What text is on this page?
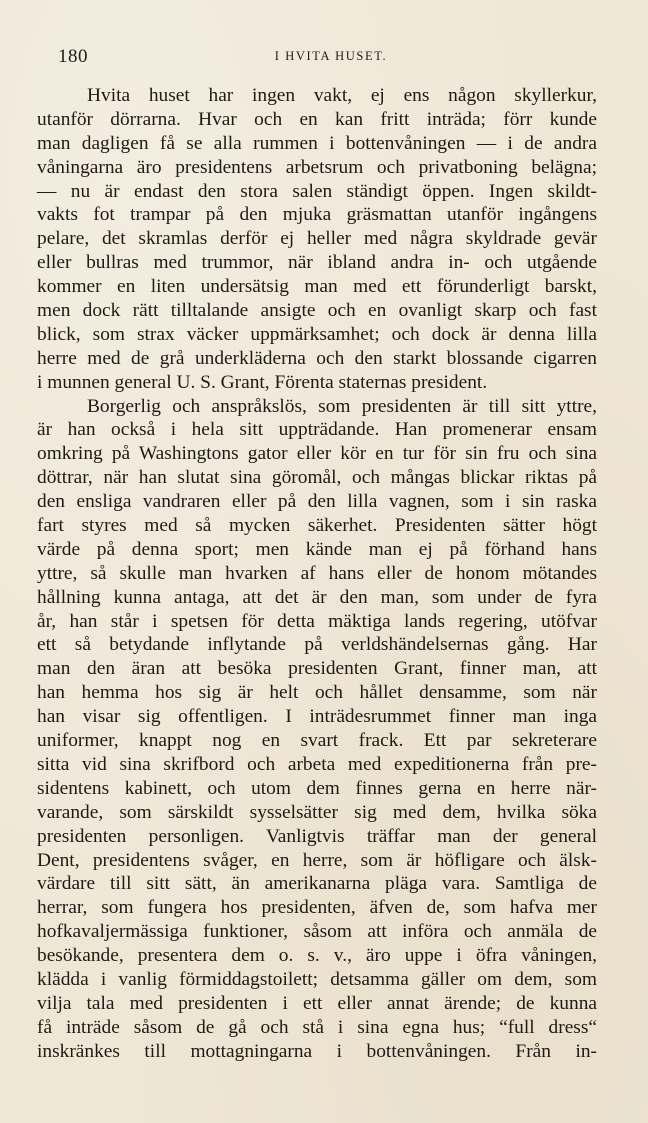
180	I HVITA HUSET.
Hvita huset har ingen vakt, ej ens någon skyllerkur,
utanför dörrarna. Hvar och en kan fritt inträda; förr kunde
man dagligen få se alla rummen i bottenvåningen — i de andra
våningarna äro presidentens arbetsrum och privatboning belägna;
— nu är endast den stora salen ständigt öppen. Ingen skildt-
vakts fot trampar på den mjuka gräsmattan utanför ingångens
pelare, det skramlas derför ej heller med några skyldrade gevär
eller bullras med trummor, när ibland andra in- och utgående
kommer en liten undersätsig man med ett förunderligt barskt,
men dock rätt tilltalande ansigte och en ovanligt skarp och fast
blick, som strax väcker uppmärksamhet; och dock är denna lilla
herre med de grå underkläderna och den starkt blossande cigarren
i munnen general U. S. Grant, Förenta staternas president.
Borgerlig och anspråkslös, som presidenten är till sitt yttre,
är han också i hela sitt uppträdande. Han promenerar ensam
omkring på Washingtons gator eller kör en tur för sin fru och sina
döttrar, när han slutat sina göromål, och mångas blickar riktas på
den ensliga vandraren eller på den lilla vagnen, som i sin raska
fart styres med så mycken säkerhet. Presidenten sätter högt
värde på denna sport; men kände man ej på förhand hans
yttre, så skulle man hvarken af hans eller de honom mötandes
hållning kunna antaga, att det är den man, som under de fyra
år, han står i spetsen för detta mäktiga lands regering, utöfvar
ett så betydande inflytande på verldshändelsernas gång. Har
man den äran att besöka presidenten Grant, finner man, att
han hemma hos sig är helt och hållet densamme, som när
han visar sig offentligen. I inträdesrummet finner man inga
uniformer, knappt nog en svart frack. Ett par sekreterare
sitta vid sina skrifbord och arbeta med expeditionerna från pre-
sidentens kabinett, och utom dem finnes gerna en herre när-
varande, som särskildt sysselsätter sig med dem, hvilka söka
presidenten personligen. Vanligtvis träffar man der general
Dent, presidentens svåger, en herre, som är höfligare och älsk-
värdare till sitt sätt, än amerikanarna pläga vara. Samtliga de
herrar, som fungera hos presidenten, äfven de, som hafva mer
hofkavaljermässiga funktioner, såsom att införa och anmäla de
besökande, presentera dem o. s. v., äro uppe i öfra våningen,
klädda i vanlig förmiddagstoilett; detsamma gäller om dem, som
vilja tala med presidenten i ett eller annat ärende; de kunna
få inträde såsom de gå och stå i sina egna hus; “full dress“
inskränkes till mottagningarna i bottenvåningen. Från in-
